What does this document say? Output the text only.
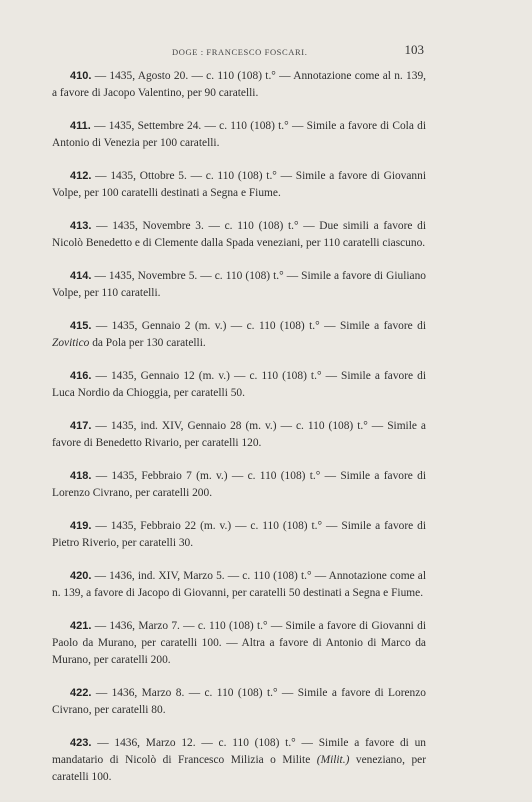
DOGE : FRANCESCO FOSCARI.	103

410. — 1435, Agosto 20. — c. 110 (108) t.° — Annotazione come al n. 139, a favore di Jacopo Valentino, per 90 caratelli.

411. — 1435, Settembre 24. — c. 110 (108) t.° — Simile a favore di Cola di Antonio di Venezia per 100 caratelli.

412. — 1435, Ottobre 5. — c. 110 (108) t.° — Simile a favore di Giovanni Volpe, per 100 caratelli destinati a Segna e Fiume.

413. — 1435, Novembre 3. — c. 110 (108) t.° — Due simili a favore di Nicolò Benedetto e di Clemente dalla Spada veneziani, per 110 caratelli ciascuno.

414. — 1435, Novembre 5. — c. 110 (108) t.° — Simile a favore di Giuliano Volpe, per 110 caratelli.

415. — 1435, Gennaio 2 (m. v.) — c. 110 (108) t.° — Simile a favore di Zovitico da Pola per 130 caratelli.

416. — 1435, Gennaio 12 (m. v.) — c. 110 (108) t.° — Simile a favore di Luca Nordio da Chioggia, per caratelli 50.

417. — 1435, ind. XIV, Gennaio 28 (m. v.) — c. 110 (108) t.° — Simile a favore di Benedetto Rivario, per caratelli 120.

418. — 1435, Febbraio 7 (m. v.) — c. 110 (108) t.° — Simile a favore di Lorenzo Civrano, per caratelli 200.

419. — 1435, Febbraio 22 (m. v.) — c. 110 (108) t.° — Simile a favore di Pietro Riverio, per caratelli 30.

420. — 1436, ind. XIV, Marzo 5. — c. 110 (108) t.° — Annotazione come al n. 139, a favore di Jacopo di Giovanni, per caratelli 50 destinati a Segna e Fiume.

421. — 1436, Marzo 7. — c. 110 (108) t.° — Simile a favore di Giovanni di Paolo da Murano, per caratelli 100. — Altra a favore di Antonio di Marco da Murano, per caratelli 200.

422. — 1436, Marzo 8. — c. 110 (108) t.° — Simile a favore di Lorenzo Civrano, per caratelli 80.

423. — 1436, Marzo 12. — c. 110 (108) t.° — Simile a favore di un mandatario di Nicolò di Francesco Milizia o Milite (Milit.) veneziano, per caratelli 100.
